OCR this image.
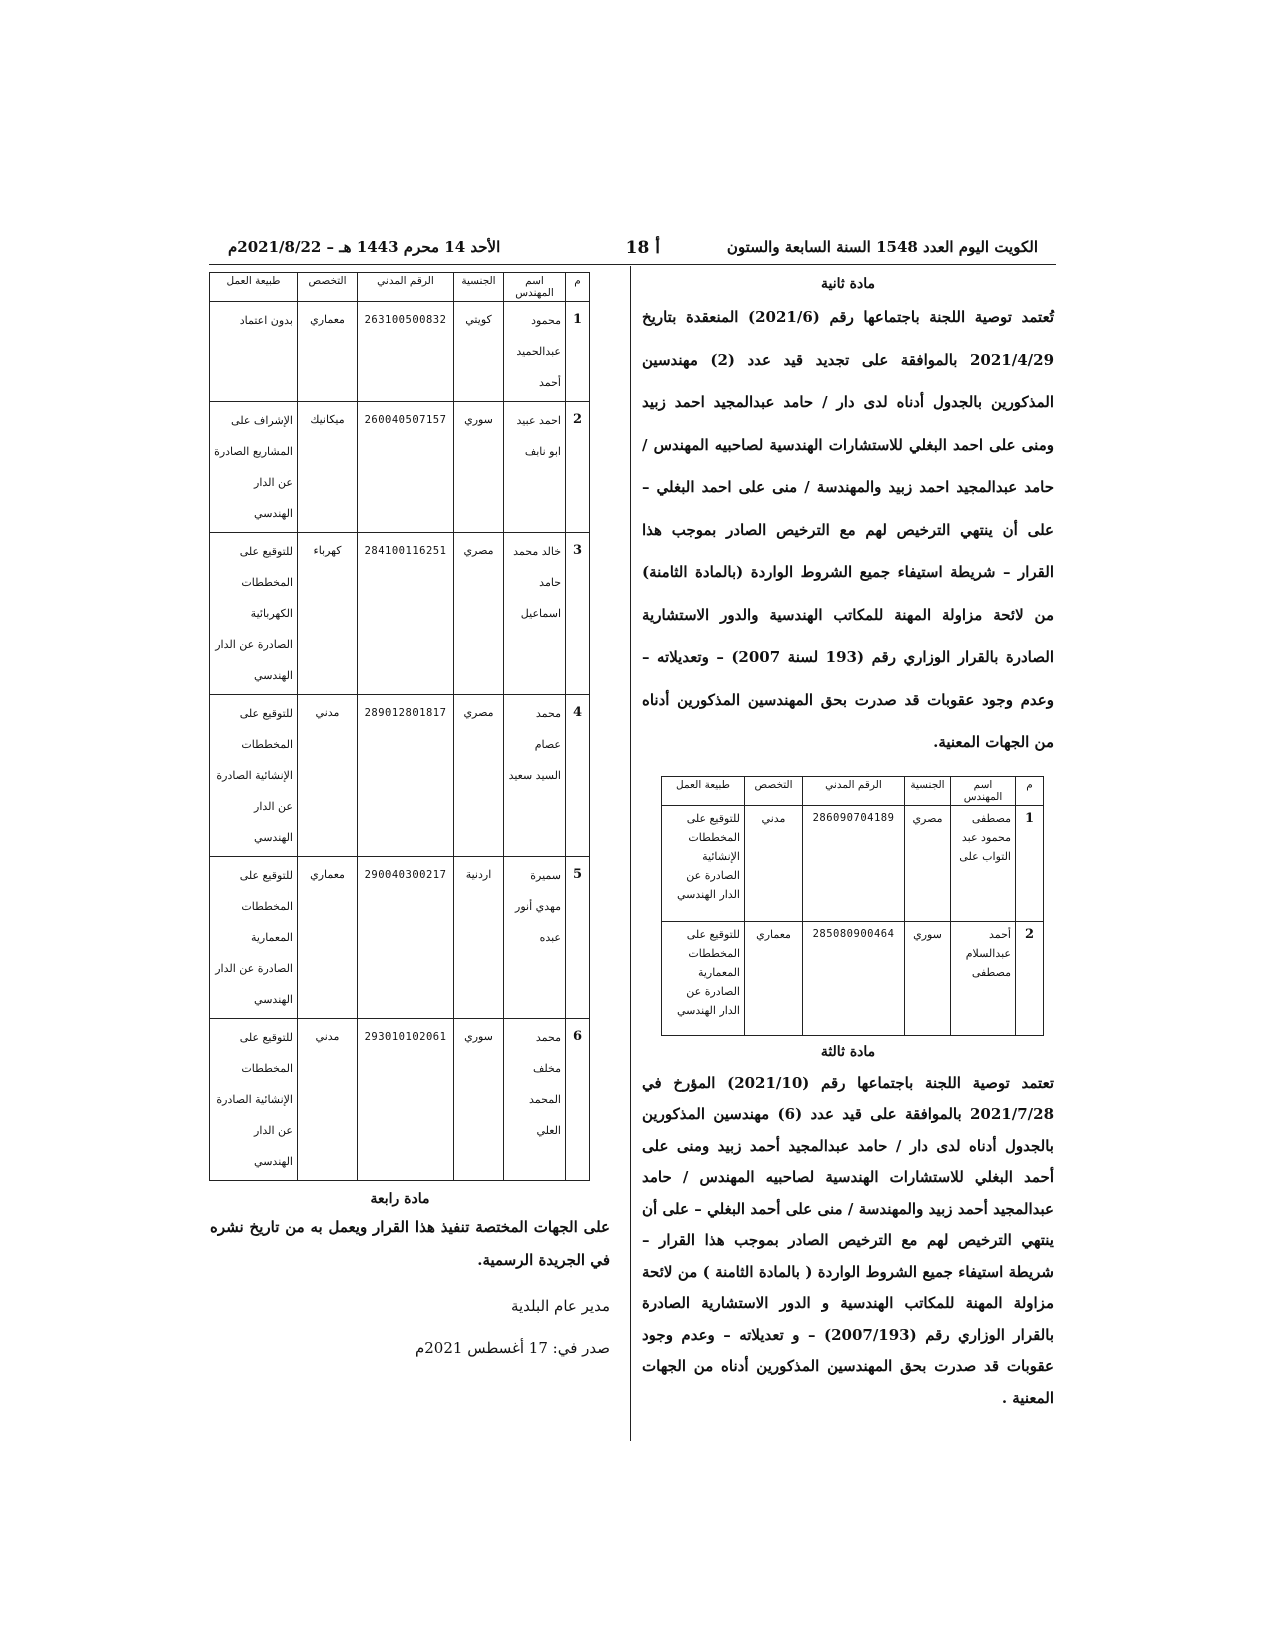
الكويت اليوم العدد 1548 السنة السابعة والستون
أ 18
الأحد 14 محرم 1443 هـ – 2021/8/22م
مادة ثانية
تُعتمد توصية اللجنة باجتماعها رقم (2021/6) المنعقدة بتاريخ 2021/4/29 بالموافقة على تجديد قيد عدد (2) مهندسين المذكورين بالجدول أدناه لدى دار / حامد عبدالمجيد احمد زبيد ومنى على احمد البغلي للاستشارات الهندسية لصاحبيه المهندس / حامد عبدالمجيد احمد زبيد والمهندسة / منى على احمد البغلي – على أن ينتهي الترخيص لهم مع الترخيص الصادر بموجب هذا القرار – شريطة استيفاء جميع الشروط الواردة (بالمادة الثامنة) من لائحة مزاولة المهنة للمكاتب الهندسية والدور الاستشارية الصادرة بالقرار الوزاري رقم (193 لسنة 2007) – وتعديلاته – وعدم وجود عقوبات قد صدرت بحق المهندسين المذكورين أدناه من الجهات المعنية.
م	اسم المهندس	الجنسية	الرقم المدني	التخصص	طبيعة العمل
1	مصطفى محمود عبد التواب على	مصري	286090704189	مدني	للتوقيع على المخططات الإنشائية الصادرة عن الدار الهندسي
2	أحمد عبدالسلام مصطفى	سوري	285080900464	معماري	للتوقيع على المخططات المعمارية الصادرة عن الدار الهندسي
مادة ثالثة
تعتمد توصية اللجنة باجتماعها رقم (2021/10) المؤرخ في 2021/7/28 بالموافقة على قيد عدد (6) مهندسين المذكورين بالجدول أدناه لدى دار / حامد عبدالمجيد أحمد زبيد ومنى على أحمد البغلي للاستشارات الهندسية لصاحبيه المهندس / حامد عبدالمجيد أحمد زبيد والمهندسة / منى على أحمد البغلي – على أن ينتهي الترخيص لهم مع الترخيص الصادر بموجب هذا القرار – شريطة استيفاء جميع الشروط الواردة ( بالمادة الثامنة ) من لائحة مزاولة المهنة للمكاتب الهندسية و الدور الاستشارية الصادرة بالقرار الوزاري رقم (2007/193) – و تعديلاته – وعدم وجود عقوبات قد صدرت بحق المهندسين المذكورين أدناه من الجهات المعنية .
م	اسم المهندس	الجنسية	الرقم المدني	التخصص	طبيعة العمل
1	محمود عبدالحميد أحمد	كويتي	263100500832	معماري	بدون اعتماد
2	احمد عبيد ابو نابف	سوري	260040507157	ميكانيك	الإشراف على المشاريع الصادرة عن الدار الهندسي
3	خالد محمد حامد اسماعيل	مصري	284100116251	كهرباء	للتوقيع على المخططات الكهربائية الصادرة عن الدار الهندسي
4	محمد عصام السيد سعيد	مصري	289012801817	مدني	للتوقيع على المخططات الإنشائية الصادرة عن الدار الهندسي
5	سميرة مهدي أنور عبده	اردنية	290040300217	معماري	للتوقيع على المخططات المعمارية الصادرة عن الدار الهندسي
6	محمد مخلف المحمد العلي	سوري	293010102061	مدني	للتوقيع على المخططات الإنشائية الصادرة عن الدار الهندسي
مادة رابعة
على الجهات المختصة تنفيذ هذا القرار ويعمل به من تاريخ نشره في الجريدة الرسمية.
مدير عام البلدية
صدر في: 17 أغسطس 2021م
